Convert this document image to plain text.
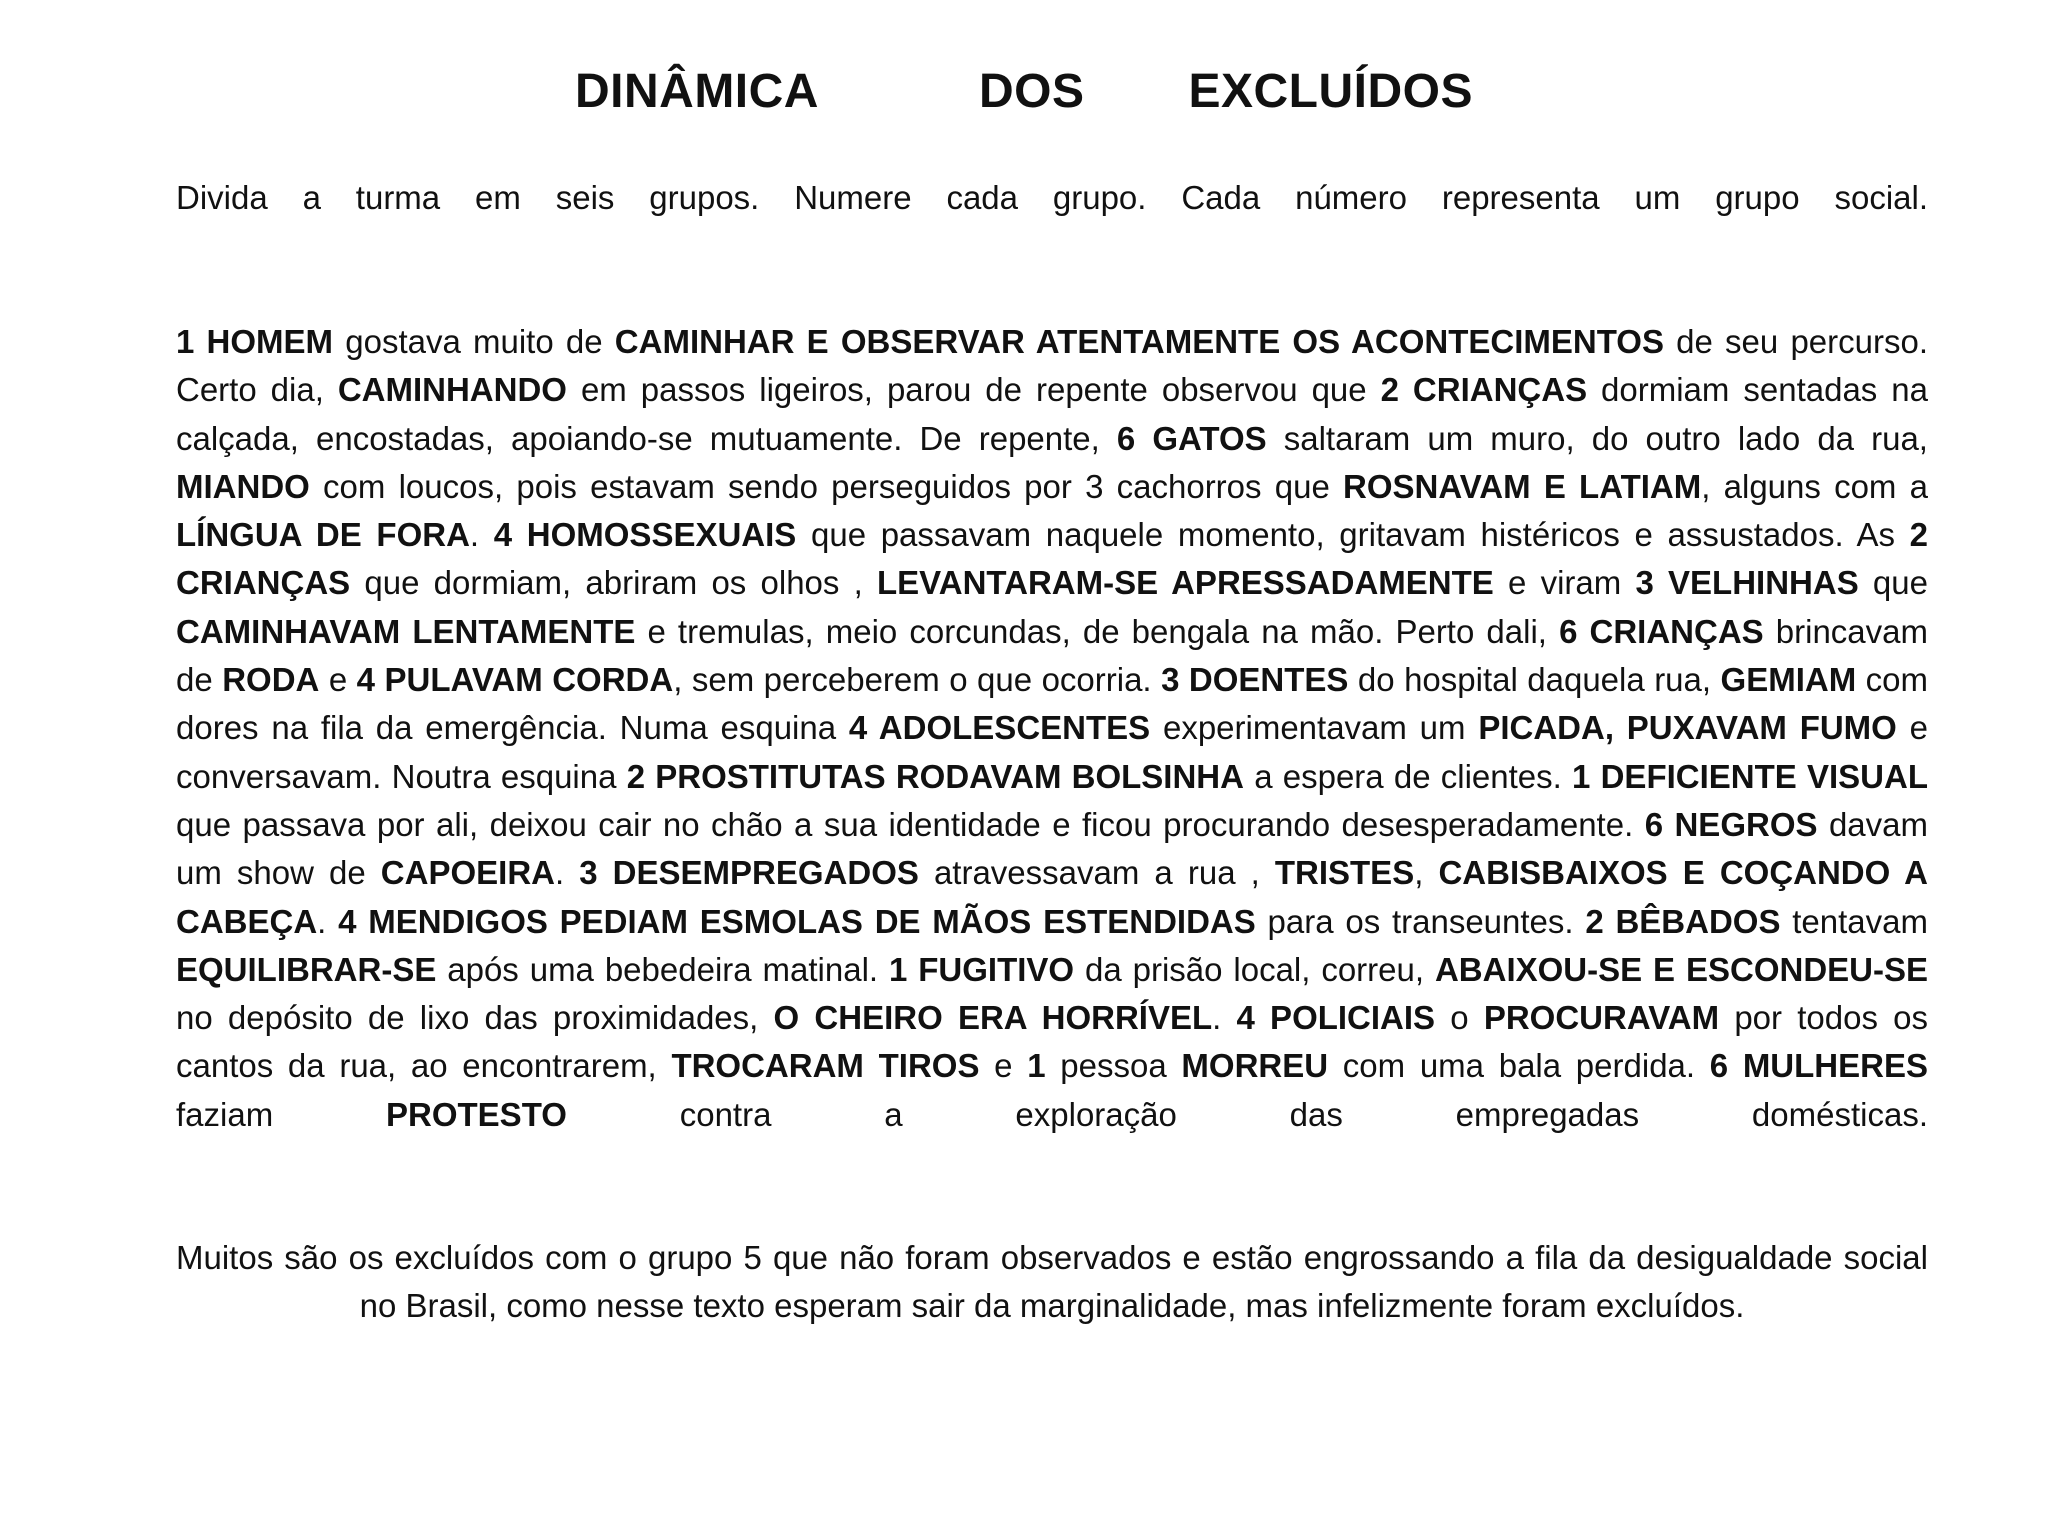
DINÂMICA	DOS EXCLUÍDOS

Divida a turma em seis grupos. Numere cada grupo. Cada número representa um grupo social.

1 HOMEM gostava muito de CAMINHAR E OBSERVAR ATENTAMENTE OS ACONTECIMENTOS de seu percurso. Certo dia, CAMINHANDO em passos ligeiros, parou de repente observou que 2 CRIANÇAS dormiam sentadas na calçada, encostadas, apoiando-se mutuamente. De repente, 6 GATOS saltaram um muro, do outro lado da rua, MIANDO com loucos, pois estavam sendo perseguidos por 3 cachorros que ROSNAVAM E LATIAM, alguns com a LÍNGUA DE FORA. 4 HOMOSSEXUAIS que passavam naquele momento, gritavam histéricos e assustados. As 2 CRIANÇAS que dormiam, abriram os olhos , LEVANTARAM-SE APRESSADAMENTE e viram 3 VELHINHAS que CAMINHAVAM LENTAMENTE e tremulas, meio corcundas, de bengala na mão. Perto dali, 6 CRIANÇAS brincavam de RODA e 4 PULAVAM CORDA, sem perceberem o que ocorria. 3 DOENTES do hospital daquela rua, GEMIAM com dores na fila da emergência. Numa esquina 4 ADOLESCENTES experimentavam um PICADA, PUXAVAM FUMO e conversavam. Noutra esquina 2 PROSTITUTAS RODAVAM BOLSINHA a espera de clientes. 1 DEFICIENTE VISUAL que passava por ali, deixou cair no chão a sua identidade e ficou procurando desesperadamente. 6 NEGROS davam um show de CAPOEIRA. 3 DESEMPREGADOS atravessavam a rua , TRISTES, CABISBAIXOS E COÇANDO A CABEÇA. 4 MENDIGOS PEDIAM ESMOLAS DE MÃOS ESTENDIDAS para os transeuntes. 2 BÊBADOS tentavam EQUILIBRAR-SE após uma bebedeira matinal. 1 FUGITIVO da prisão local, correu, ABAIXOU-SE E ESCONDEU-SE no depósito de lixo das proximidades, O CHEIRO ERA HORRÍVEL. 4 POLICIAIS o PROCURAVAM por todos os cantos da rua, ao encontrarem, TROCARAM TIROS e 1 pessoa MORREU com uma bala perdida. 6 MULHERES faziam PROTESTO contra a exploração das empregadas domésticas.

Muitos são os excluídos com o grupo 5 que não foram observados e estão engrossando a fila da desigualdade social no Brasil, como nesse texto esperam sair da marginalidade, mas infelizmente foram excluídos.
